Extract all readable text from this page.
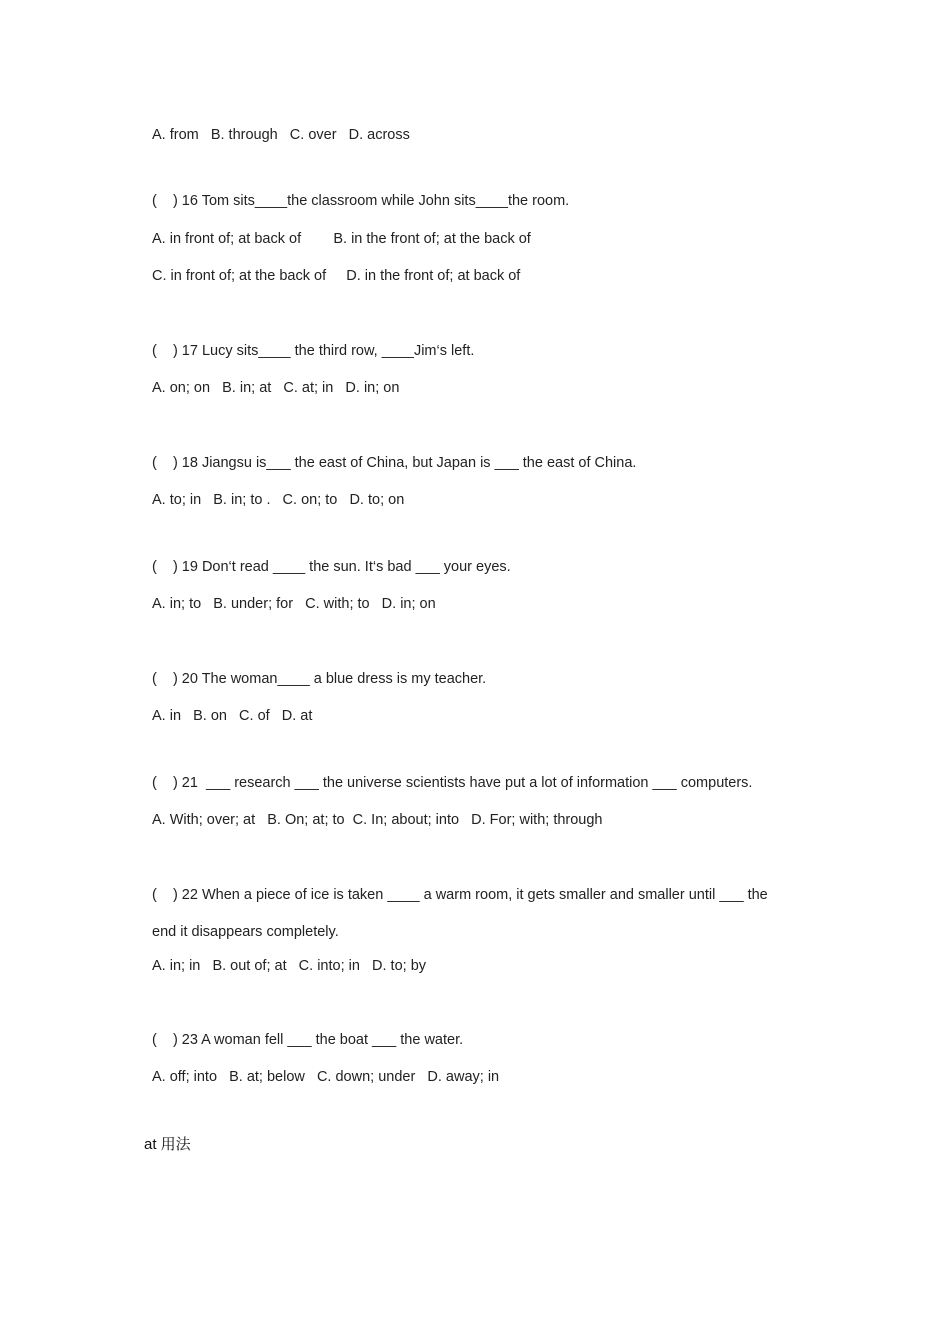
A. from   B. through   C. over   D. across
(    ) 16 Tom sits____the classroom while John sits____the room.
A. in front of; at back of        B. in the front of; at the back of
C. in front of; at the back of     D. in the front of; at back of
(    ) 17 Lucy sits____ the third row, ____Jim‘s left.
A. on; on   B. in; at   C. at; in   D. in; on
(    ) 18 Jiangsu is___ the east of China, but Japan is ___ the east of China.
A. to; in   B. in; to .   C. on; to   D. to; on
(    ) 19 Don‘t read ____ the sun. It‘s bad ___ your eyes.
A. in; to   B. under; for   C. with; to   D. in; on
(    ) 20 The woman____ a blue dress is my teacher.
A. in   B. on   C. of   D. at
(    ) 21  ___ research ___ the universe scientists have put a lot of information ___ computers.
A. With; over; at   B. On; at; to  C. In; about; into   D. For; with; through
(    ) 22 When a piece of ice is taken ____ a warm room, it gets smaller and smaller until ___ the
end it disappears completely.
A. in; in   B. out of; at   C. into; in   D. to; by
(    ) 23 A woman fell ___ the boat ___ the water.
A. off; into   B. at; below   C. down; under   D. away; in
at 用法
